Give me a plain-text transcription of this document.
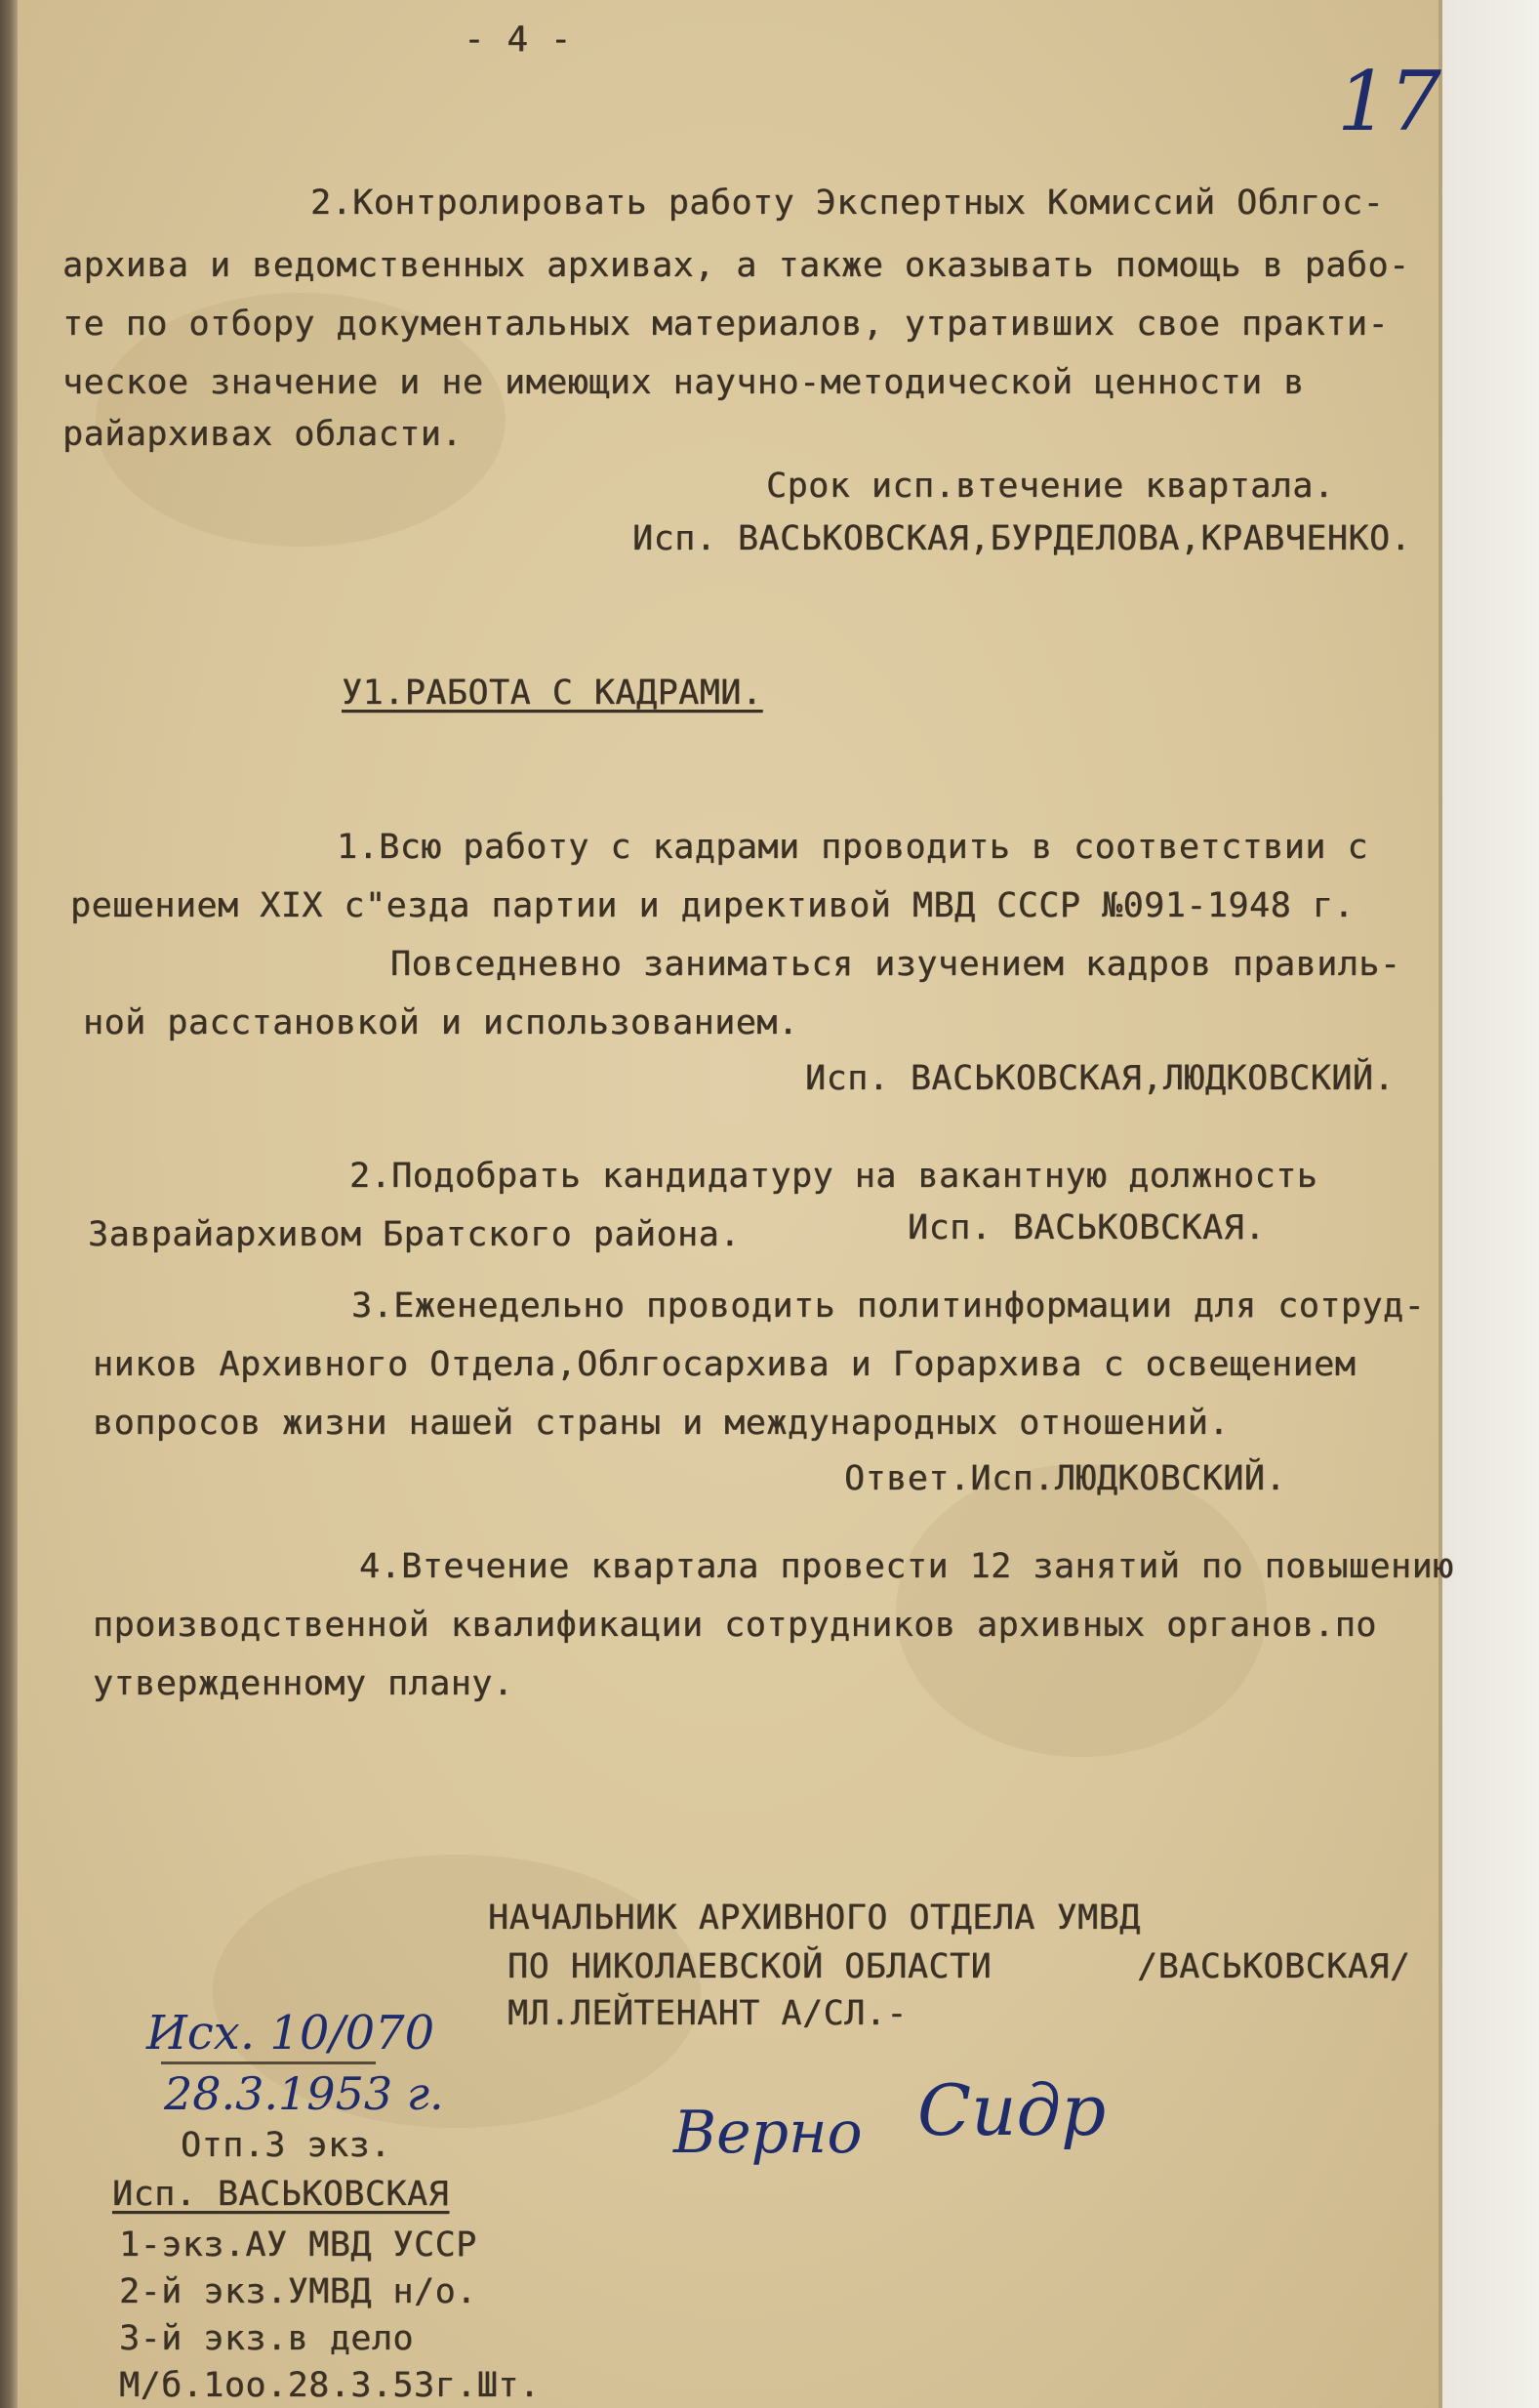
- 4 -
17
2.Контролировать работу Экспертных Комиссий Облгос-
архива и ведомственных архивах, а также оказывать помощь в рабо-
те по отбору документальных материалов, утративших свое практи-
ческое значение и не имеющих научно-методической ценности в
райархивах области.
Срок исп.втечение квартала.
Исп. ВАСЬКОВСКАЯ,БУРДЕЛОВА,КРАВЧЕНКО.
У1.РАБОТА С КАДРАМИ.
1.Всю работу с кадрами проводить в соответствии с
решением XIX с"езда партии и директивой МВД СССР №091-1948 г.
Повседневно заниматься изучением кадров правиль-
ной расстановкой и использованием.
Исп. ВАСЬКОВСКАЯ,ЛЮДКОВСКИЙ.
2.Подобрать кандидатуру на вакантную должность
Заврайархивом Братского района.	Исп. ВАСЬКОВСКАЯ.
3.Еженедельно проводить политинформации для сотруд-
ников Архивного Отдела,Облгосархива и Горархива с освещением
вопросов жизни нашей страны и международных отношений.
Ответ.Исп.ЛЮДКОВСКИЙ.
4.Втечение квартала провести 12 занятий по повышению
производственной квалификации сотрудников архивных органов.по
утвержденному плану.
НАЧАЛЬНИК АРХИВНОГО ОТДЕЛА УМВД
ПО НИКОЛАЕВСКОЙ ОБЛАСТИ
МЛ.ЛЕЙТЕНАНТ А/СЛ.-
/ВАСЬКОВСКАЯ/
Верно Сидр
Исх. 10/070
28.3.1953 г.
Отп.3 экз.
Исп. ВАСЬКОВСКАЯ
1-экз.АУ МВД УССР
2-й экз.УМВД н/о.
3-й экз.в дело
М/б.1оо.28.3.53г.Шт.
